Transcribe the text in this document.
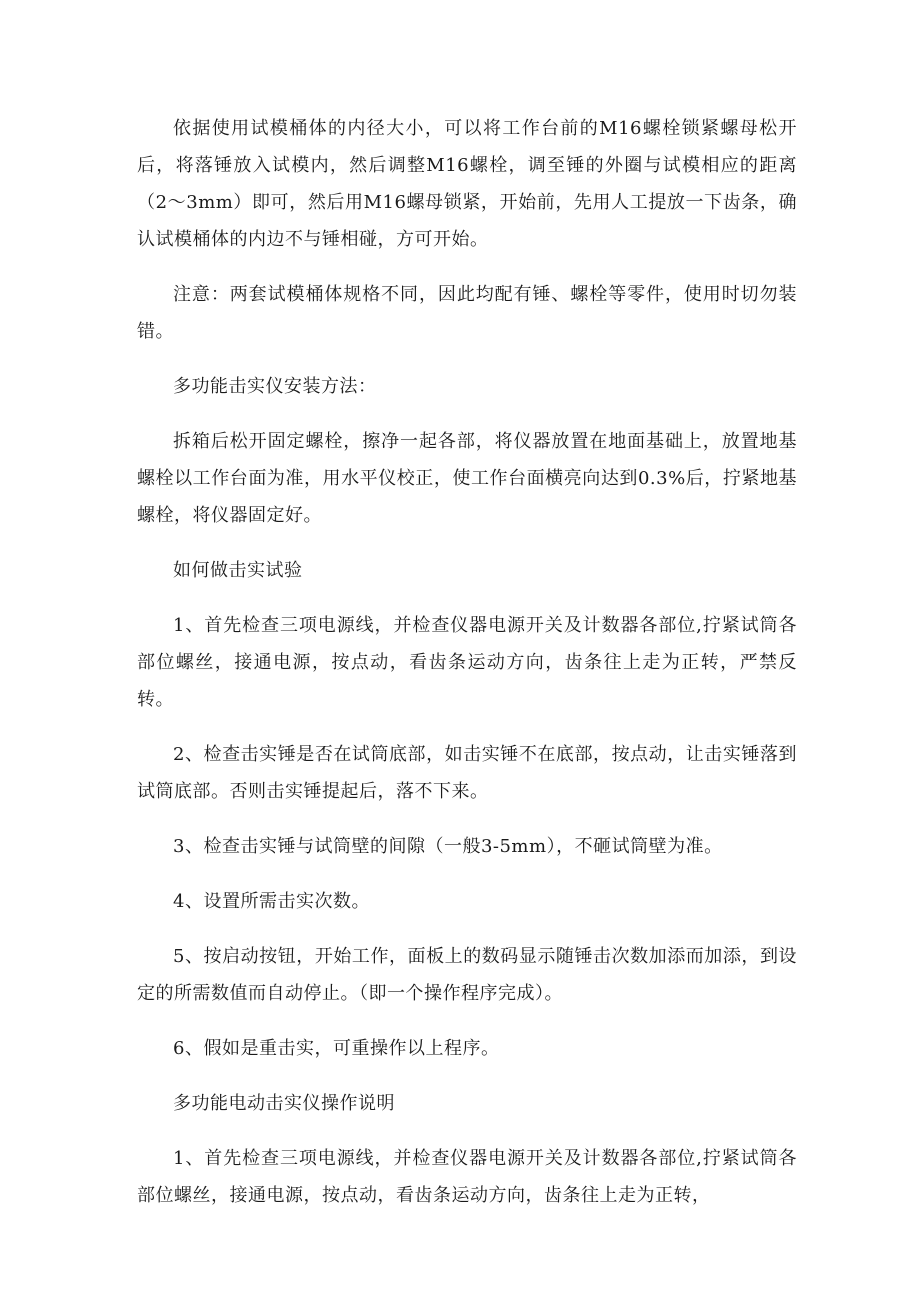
依据使用试模桶体的内径大小，可以将工作台前的M16螺栓锁紧螺母松开后，将落锤放入试模内，然后调整M16螺栓，调至锤的外圈与试模相应的距离（2～3mm）即可，然后用M16螺母锁紧，开始前，先用人工提放一下齿条，确认试模桶体的内边不与锤相碰，方可开始。

注意：两套试模桶体规格不同，因此均配有锤、螺栓等零件，使用时切勿装错。

多功能击实仪安装方法：

拆箱后松开固定螺栓，擦净一起各部，将仪器放置在地面基础上，放置地基螺栓以工作台面为准，用水平仪校正，使工作台面横亮向达到0.3%后，拧紧地基螺栓，将仪器固定好。

如何做击实试验

1、首先检查三项电源线，并检查仪器电源开关及计数器各部位,拧紧试筒各部位螺丝，接通电源，按点动，看齿条运动方向，齿条往上走为正转，严禁反转。

2、检查击实锤是否在试筒底部，如击实锤不在底部，按点动，让击实锤落到试筒底部。否则击实锤提起后，落不下来。

3、检查击实锤与试筒壁的间隙（一般3-5mm），不砸试筒壁为准。

4、设置所需击实次数。

5、按启动按钮，开始工作，面板上的数码显示随锤击次数加添而加添，到设定的所需数值而自动停止。（即一个操作程序完成）。

6、假如是重击实，可重操作以上程序。

多功能电动击实仪操作说明

1、首先检查三项电源线，并检查仪器电源开关及计数器各部位,拧紧试筒各部位螺丝，接通电源，按点动，看齿条运动方向，齿条往上走为正转，
